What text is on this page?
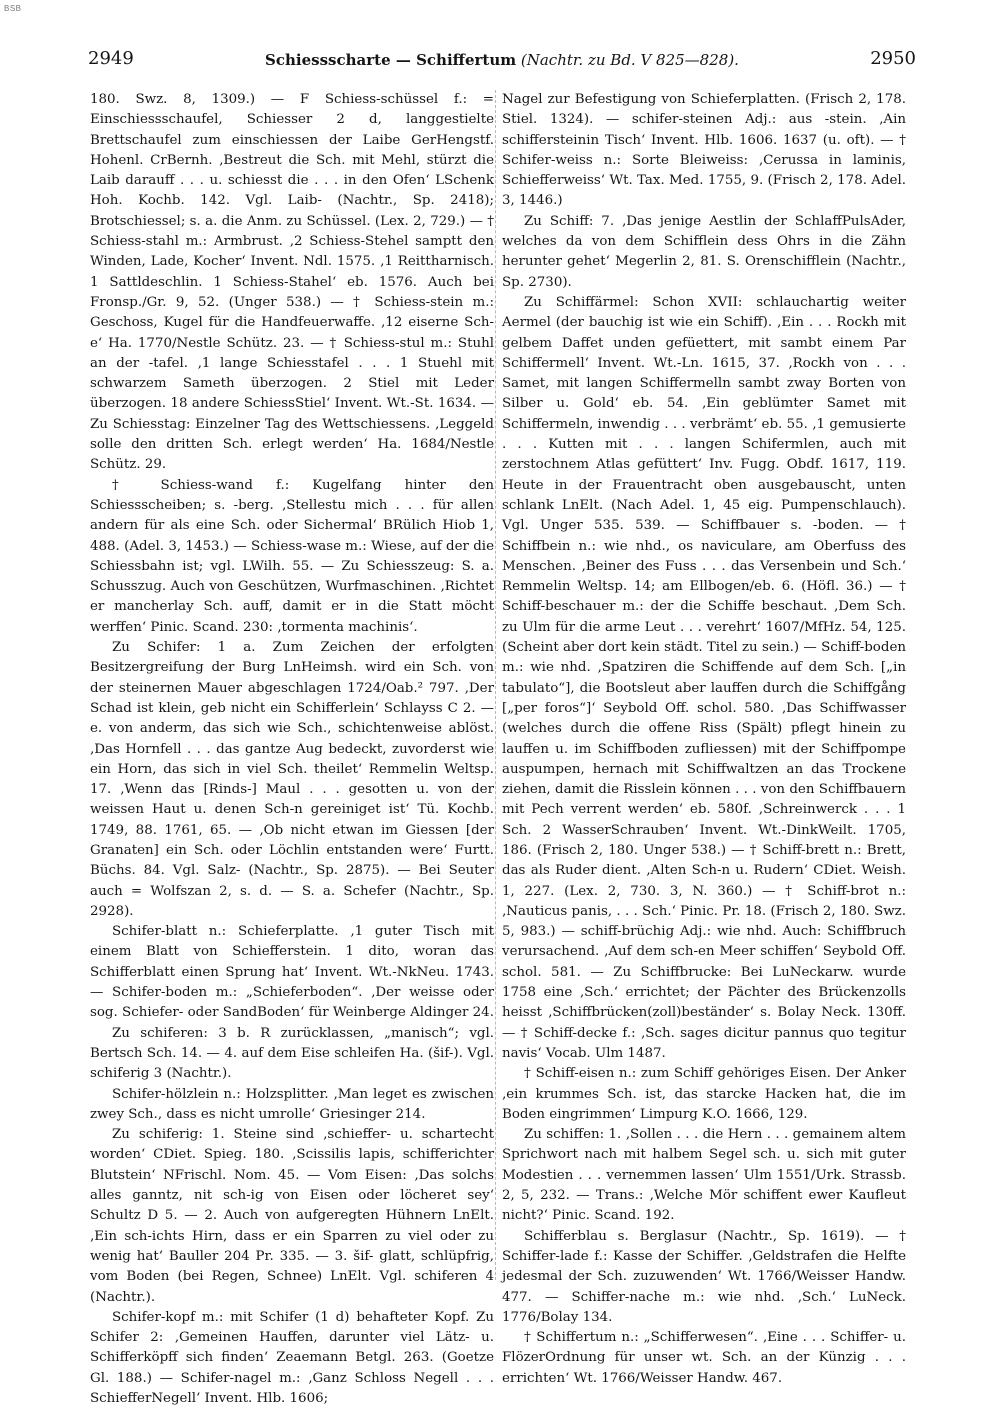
BSB
2949	Schiessscharte — Schiffertum (Nachtr. zu Bd. V 825—828).	2950

180. Swz. 8, 1309.) — F Schiess-schüssel f.: = Einschiessschaufel, Schiesser 2 d, langgestielte Brettschaufel zum einschiessen der Laibe GerHengstf. Hohenl. CrBernh. ‚Bestreut die Sch. mit Mehl, stürzt die Laib darauff . . . u. schiesst die . . . in den Ofen‘ LSchenk Hoh. Kochb. 142. Vgl. Laib- (Nachtr., Sp. 2418); Brotschiessel; s. a. die Anm. zu Schüssel. (Lex. 2, 729.) — † Schiess-stahl m.: Armbrust. ‚2 Schiess-Stehel samptt den Winden, Lade, Kocher‘ Invent. Ndl. 1575. ‚1 Reittharnisch. 1 Sattldeschlin. 1 Schiess-Stahel‘ eb. 1576. Auch bei Fronsp./Gr. 9, 52. (Unger 538.) — † Schiess-stein m.: Geschoss, Kugel für die Handfeuerwaffe. ‚12 eiserne Sch-e‘ Ha. 1770/Nestle Schütz. 23. — † Schiess-stul m.: Stuhl an der -tafel. ‚1 lange Schiesstafel . . . 1 Stuehl mit schwarzem Sameth überzogen. 2 Stiel mit Leder überzogen. 18 andere SchiessStiel‘ Invent. Wt.-St. 1634. — Zu Schiesstag: Einzelner Tag des Wettschiessens. ‚Leggeld solle den dritten Sch. erlegt werden‘ Ha. 1684/Nestle Schütz. 29.

† Schiess-wand f.: Kugelfang hinter den Schiessscheiben; s. -berg. ‚Stellestu mich . . . für allen andern für als eine Sch. oder Sichermal‘ BRülich Hiob 1, 488. (Adel. 3, 1453.) — Schiess-wase m.: Wiese, auf der die Schiessbahn ist; vgl. LWilh. 55. — Zu Schiesszeug: S. a. Schusszug. Auch von Geschützen, Wurfmaschinen. ‚Richtet er mancherlay Sch. auff, damit er in die Statt möcht werffen‘ Pinic. Scand. 230: ‚tormenta machinis‘.

Zu Schifer: 1 a. Zum Zeichen der erfolgten Besitzergreifung der Burg LnHeimsh. wird ein Sch. von der steinernen Mauer abgeschlagen 1724/Oab.² 797. ‚Der Schad ist klein, geb nicht ein Schifferlein‘ Schlayss C 2. — e. von anderm, das sich wie Sch., schichtenweise ablöst. ‚Das Hornfell . . . das gantze Aug bedeckt, zuvorderst wie ein Horn, das sich in viel Sch. theilet‘ Remmelin Weltsp. 17. ‚Wenn das [Rinds-] Maul . . . gesotten u. von der weissen Haut u. denen Sch-n gereiniget ist‘ Tü. Kochb. 1749, 88. 1761, 65. — ‚Ob nicht etwan im Giessen [der Granaten] ein Sch. oder Löchlin entstanden were‘ Furtt. Büchs. 84. Vgl. Salz- (Nachtr., Sp. 2875). — Bei Seuter auch = Wolfszan 2, s. d. — S. a. Schefer (Nachtr., Sp. 2928).

Schifer-blatt n.: Schieferplatte. ‚1 guter Tisch mit einem Blatt von Schiefferstein. 1 dito, woran das Schifferblatt einen Sprung hat‘ Invent. Wt.-NkNeu. 1743. — Schifer-boden m.: „Schieferboden“. ‚Der weisse oder sog. Schiefer- oder SandBoden‘ für Weinberge Aldinger 24.

Zu schiferen: 3 b. R zurücklassen, „manisch“; vgl. Bertsch Sch. 14. — 4. auf dem Eise schleifen Ha. (šif-). Vgl. schiferig 3 (Nachtr.).

Schifer-hölzlein n.: Holzsplitter. ‚Man leget es zwischen zwey Sch., dass es nicht umrolle‘ Griesinger 214.

Zu schiferig: 1. Steine sind ‚schieffer- u. schartecht worden‘ CDiet. Spieg. 180. ‚Scissilis lapis, schifferichter Blutstein‘ NFrischl. Nom. 45. — Vom Eisen: ‚Das solchs alles ganntz, nit sch-ig von Eisen oder löcheret sey‘ Schultz D 5. — 2. Auch von aufgeregten Hühnern LnElt. ‚Ein sch-ichts Hirn, dass er ein Sparren zu viel oder zu wenig hat‘ Bauller 204 Pr. 335. — 3. šif- glatt, schlüpfrig, vom Boden (bei Regen, Schnee) LnElt. Vgl. schiferen 4 (Nachtr.).

Schifer-kopf m.: mit Schifer (1 d) behafteter Kopf. Zu Schifer 2: ‚Gemeinen Hauffen, darunter viel Lätz- u. Schifferköpff sich finden‘ Zeaemann Betgl. 263. (Goetze Gl. 188.) — Schifer-nagel m.: ‚Ganz Schloss Negell . . . SchiefferNegell‘ Invent. Hlb. 1606;

Nagel zur Befestigung von Schieferplatten. (Frisch 2, 178. Stiel. 1324). — schifer-steinen Adj.: aus -stein. ‚Ain schiffersteinin Tisch‘ Invent. Hlb. 1606. 1637 (u. oft). — † Schifer-weiss n.: Sorte Bleiweiss: ‚Cerussa in laminis, Schiefferweiss‘ Wt. Tax. Med. 1755, 9. (Frisch 2, 178. Adel. 3, 1446.)

Zu Schiff: 7. ‚Das jenige Aestlin der SchlaffPulsAder, welches da von dem Schifflein dess Ohrs in die Zähn herunter gehet‘ Megerlin 2, 81. S. Orenschifflein (Nachtr., Sp. 2730).

Zu Schiffärmel: Schon XVII: schlauchartig weiter Aermel (der bauchig ist wie ein Schiff). ‚Ein . . . Rockh mit gelbem Daffet unden gefüettert, mit sambt einem Par Schiffermell‘ Invent. Wt.-Ln. 1615, 37. ‚Rockh von . . . Samet, mit langen Schiffermelln sambt zway Borten von Silber u. Gold‘ eb. 54. ‚Ein geblümter Samet mit Schiffermeln, inwendig . . . verbrämt‘ eb. 55. ‚1 gemusierte . . . Kutten mit . . . langen Schifermlen, auch mit zerstochnem Atlas gefüttert‘ Inv. Fugg. Obdf. 1617, 119. Heute in der Frauentracht oben ausgebauscht, unten schlank LnElt. (Nach Adel. 1, 45 eig. Pumpenschlauch). Vgl. Unger 535. 539. — Schiffbauer s. -boden. — † Schiffbein n.: wie nhd., os naviculare, am Oberfuss des Menschen. ‚Beiner des Fuss . . . das Versenbein und Sch.‘ Remmelin Weltsp. 14; am Ellbogen/eb. 6. (Höfl. 36.) — † Schiff-beschauer m.: der die Schiffe beschaut. ‚Dem Sch. zu Ulm für die arme Leut . . . verehrt‘ 1607/MfHz. 54, 125. (Scheint aber dort kein städt. Titel zu sein.) — Schiff-boden m.: wie nhd. ‚Spatziren die Schiffende auf dem Sch. [„in tabulato“], die Bootsleut aber lauffen durch die Schiffgång [„per foros“]‘ Seybold Off. schol. 580. ‚Das Schiffwasser (welches durch die offene Riss (Spält) pflegt hinein zu lauffen u. im Schiffboden zufliessen) mit der Schiffpompe auspumpen, hernach mit Schiffwaltzen an das Trockene ziehen, damit die Risslein können . . . von den Schiffbauern mit Pech verrent werden‘ eb. 580f. ‚Schreinwerck . . . 1 Sch. 2 WasserSchrauben‘ Invent. Wt.-DinkWeilt. 1705, 186. (Frisch 2, 180. Unger 538.) — † Schiff-brett n.: Brett, das als Ruder dient. ‚Alten Sch-n u. Rudern‘ CDiet. Weish. 1, 227. (Lex. 2, 730. 3, N. 360.) — † Schiff-brot n.: ‚Nauticus panis, . . . Sch.‘ Pinic. Pr. 18. (Frisch 2, 180. Swz. 5, 983.) — schiff-brüchig Adj.: wie nhd. Auch: Schiffbruch verursachend. ‚Auf dem sch-en Meer schiffen‘ Seybold Off. schol. 581. — Zu Schiffbrucke: Bei LuNeckarw. wurde 1758 eine ‚Sch.‘ errichtet; der Pächter des Brückenzolls heisst ‚Schiffbrücken(zoll)beständer‘ s. Bolay Neck. 130ff. — † Schiff-decke f.: ‚Sch. sages dicitur pannus quo tegitur navis‘ Vocab. Ulm 1487.

† Schiff-eisen n.: zum Schiff gehöriges Eisen. Der Anker ‚ein krummes Sch. ist, das starcke Hacken hat, die im Boden eingrimmen‘ Limpurg K.O. 1666, 129.

Zu schiffen: 1. ‚Sollen . . . die Hern . . . gemainem altem Sprichwort nach mit halbem Segel sch. u. sich mit guter Modestien . . . vernemmen lassen‘ Ulm 1551/Urk. Strassb. 2, 5, 232. — Trans.: ‚Welche Mör schiffent ewer Kaufleut nicht?‘ Pinic. Scand. 192.

Schifferblau s. Berglasur (Nachtr., Sp. 1619). — † Schiffer-lade f.: Kasse der Schiffer. ‚Geldstrafen die Helfte jedesmal der Sch. zuzuwenden‘ Wt. 1766/Weisser Handw. 477. — Schiffer-nache m.: wie nhd. ‚Sch.‘ LuNeck. 1776/Bolay 134.

† Schiffertum n.: „Schifferwesen“. ‚Eine . . . Schiffer- u. FlözerOrdnung für unser wt. Sch. an der Künzig . . . errichten‘ Wt. 1766/Weisser Handw. 467.
